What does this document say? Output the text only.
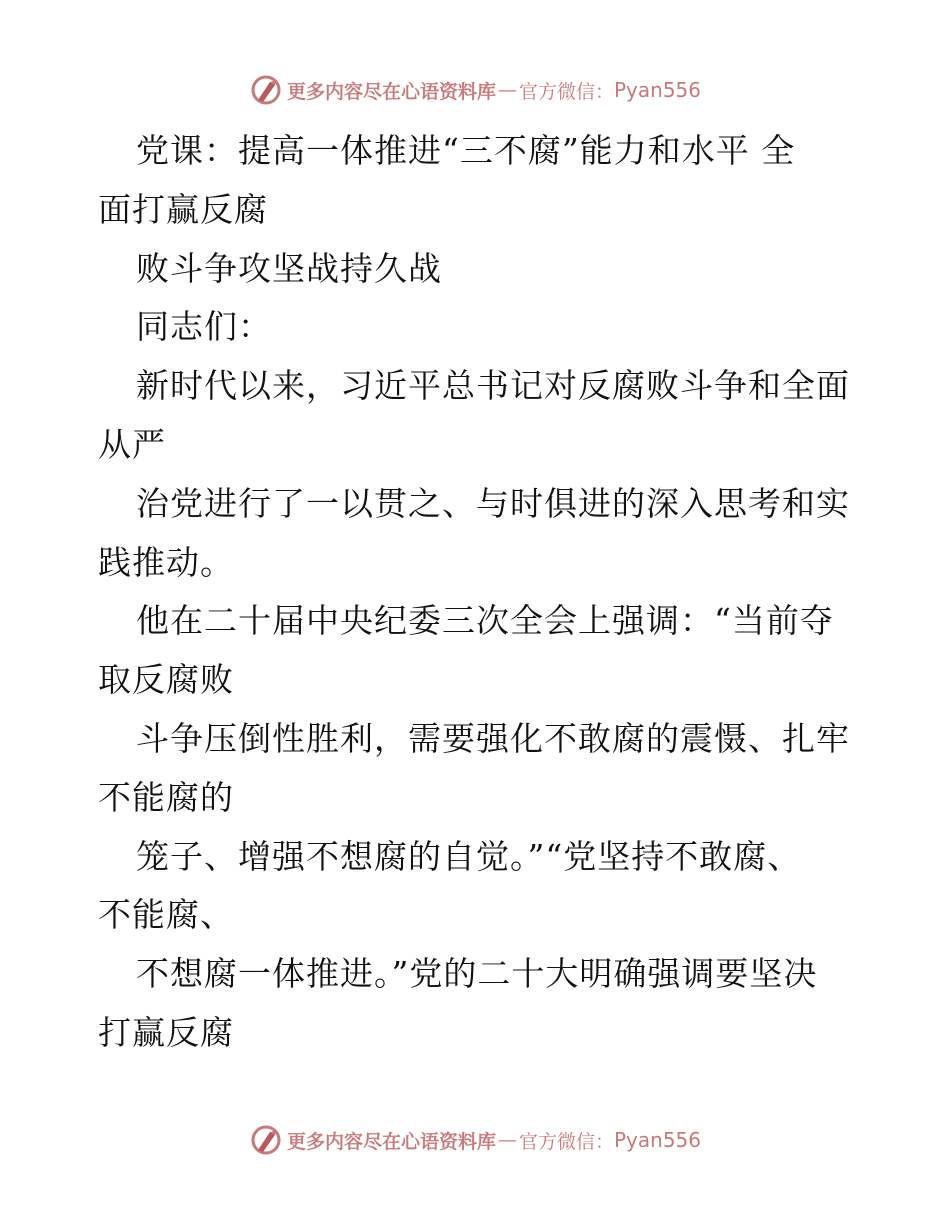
更多内容尽在心语资料库 — 官方微信： Pyan556
党课：提高一体推进“三不腐”能力和水平 全
面打赢反腐
败斗争攻坚战持久战
同志们：
新时代以来，习近平总书记对反腐败斗争和全面
从严
治党进行了一以贯之、与时俱进的深入思考和实
践推动。
他在二十届中央纪委三次全会上强调：“当前夺
取反腐败
斗争压倒性胜利，需要强化不敢腐的震慑、扎牢
不能腐的
笼子、增强不想腐的自觉。”“党坚持不敢腐、
不能腐、
不想腐一体推进。”党的二十大明确强调要坚决
打赢反腐
更多内容尽在心语资料库 — 官方微信： Pyan556
